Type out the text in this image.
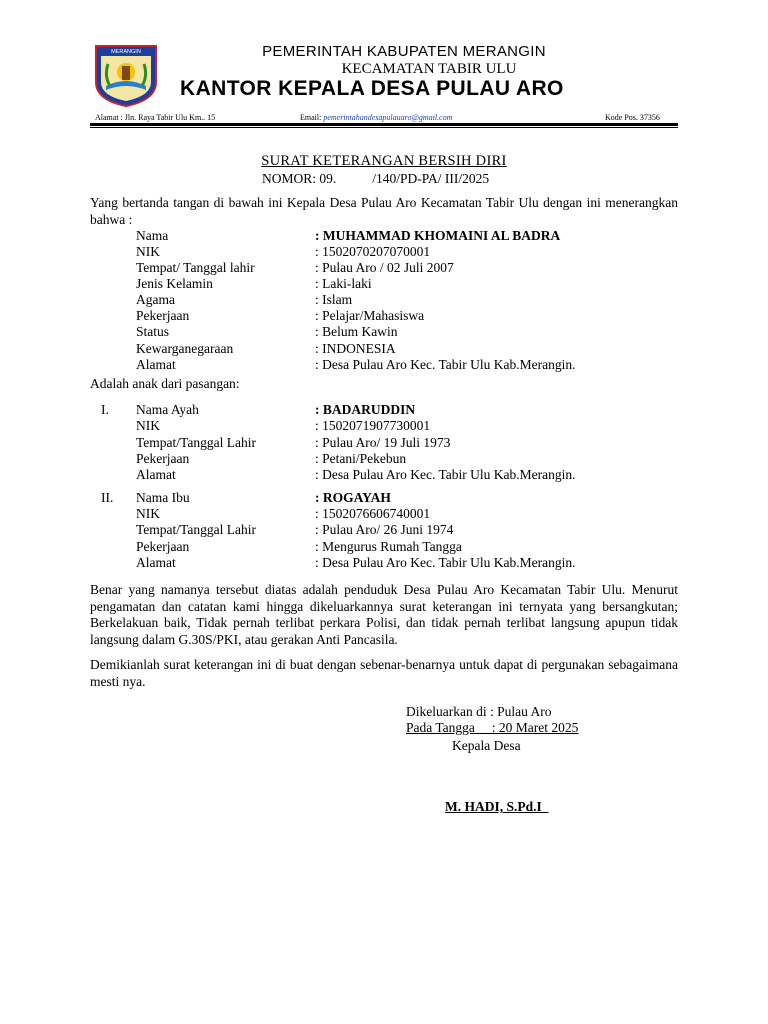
MERANGIN	PEMERINTAH KABUPATEN MERANGIN
KECAMATAN TABIR ULU
KANTOR KEPALA DESA PULAU ARO
Alamat : Jln. Raya Tabir Ulu Km.. 15	Email: pemerintahandesapulauaro@gmail.com	Kode Pos. 37356
SURAT KETERANGAN BERSIH DIRI
NOMOR: 09.	/140/PD-PA/ III/2025
Yang bertanda tangan di bawah ini Kepala Desa Pulau Aro Kecamatan Tabir Ulu dengan ini menerangkan bahwa :
Nama	: MUHAMMAD KHOMAINI AL BADRA
NIK	: 1502070207070001
Tempat/ Tanggal lahir	: Pulau Aro / 02 Juli 2007
Jenis Kelamin	: Laki-laki
Agama	: Islam
Pekerjaan	: Pelajar/Mahasiswa
Status	: Belum Kawin
Kewarganegaraan	: INDONESIA
Alamat	: Desa Pulau Aro Kec. Tabir Ulu Kab.Merangin.
Adalah anak dari pasangan:
I. Nama Ayah	: BADARUDDIN
NIK	: 1502071907730001
Tempat/Tanggal Lahir	: Pulau Aro/ 19 Juli 1973
Pekerjaan	: Petani/Pekebun
Alamat	: Desa Pulau Aro Kec. Tabir Ulu Kab.Merangin.
II. Nama Ibu	: ROGAYAH
NIK	: 1502076606740001
Tempat/Tanggal Lahir	: Pulau Aro/ 26 Juni 1974
Pekerjaan	: Mengurus Rumah Tangga
Alamat	: Desa Pulau Aro Kec. Tabir Ulu Kab.Merangin.
Benar yang namanya tersebut diatas adalah penduduk Desa Pulau Aro Kecamatan Tabir Ulu. Menurut pengamatan dan catatan kami hingga dikeluarkannya surat keterangan ini ternyata yang bersangkutan; Berkelakuan baik, Tidak pernah terlibat perkara Polisi, dan tidak pernah terlibat langsung apupun tidak langsung dalam G.30S/PKI, atau gerakan Anti Pancasila.
Demikianlah surat keterangan ini di buat dengan sebenar-benarnya untuk dapat di pergunakan sebagaimana mesti nya.
Dikeluarkan di : Pulau Aro
Pada Tangga     : 20 Maret 2025
Kepala Desa
M. HADI, S.Pd.I
